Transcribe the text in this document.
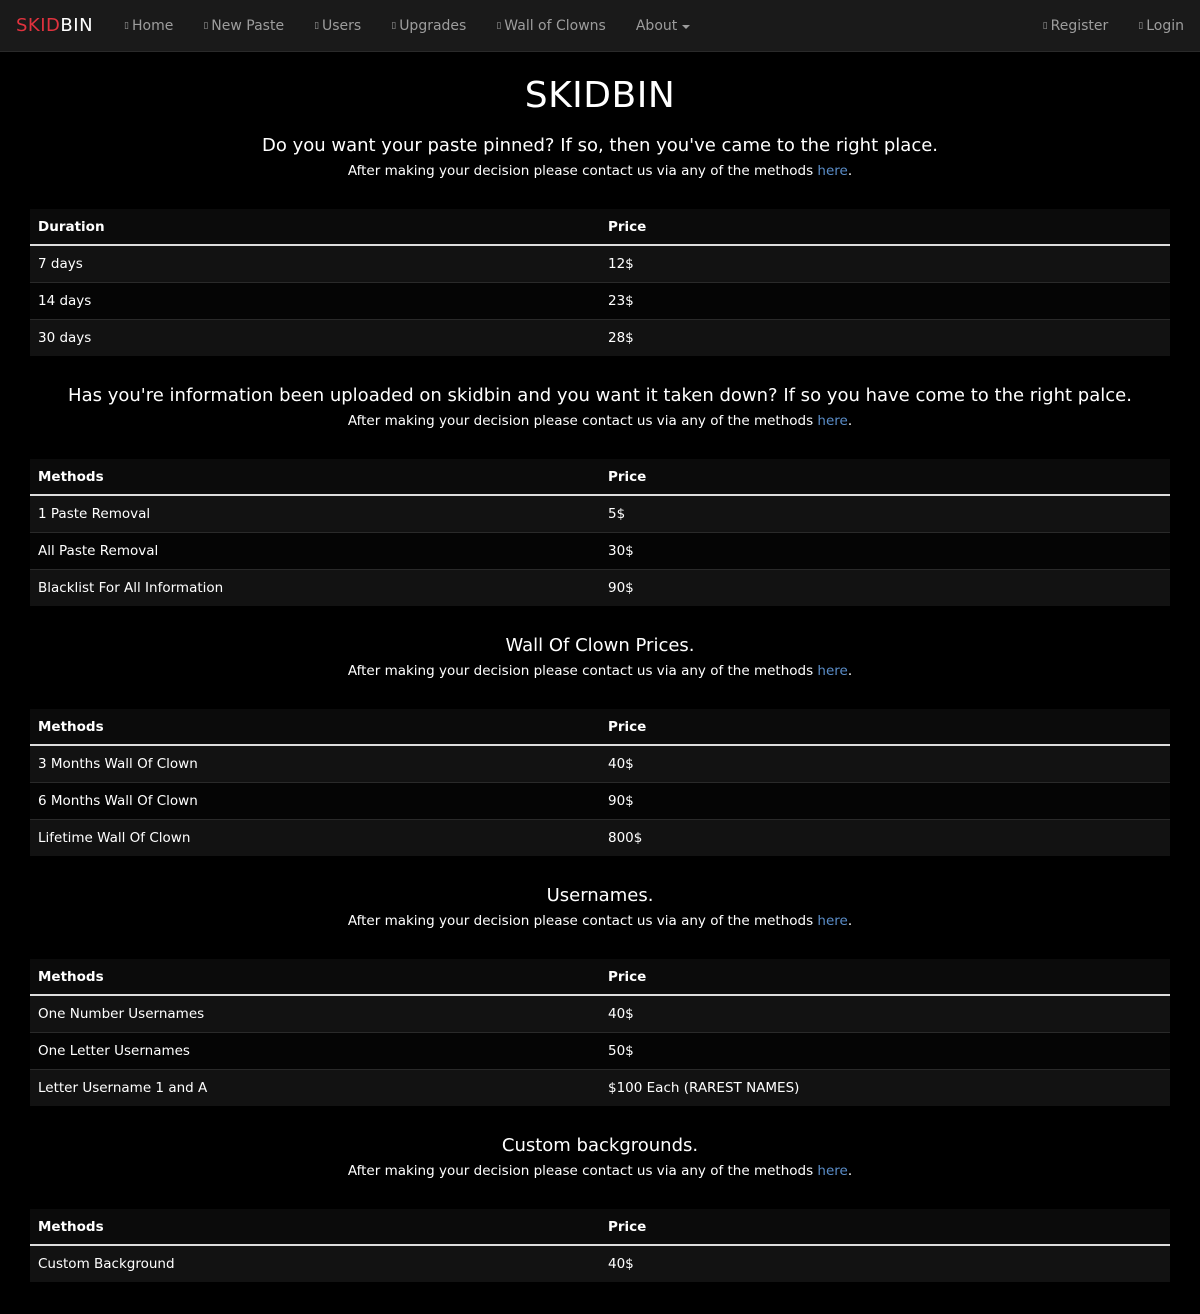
SKIDBIN	▯ Home	▯ New Paste	▯ Users	▯ Upgrades	▯ Wall of Clowns About	▯ Register	▯ Login
SKIDBIN
Do you want your paste pinned? If so, then you've came to the right place.
After making your decision please contact us via any of the methods here.
Duration	Price
7 days	12$
14 days	23$
30 days	28$
Has you're information been uploaded on skidbin and you want it taken down? If so you have come to the right palce.
After making your decision please contact us via any of the methods here.
Methods	Price
1 Paste Removal	5$
All Paste Removal	30$
Blacklist For All Information	90$
Wall Of Clown Prices.
After making your decision please contact us via any of the methods here.
Methods	Price
3 Months Wall Of Clown	40$
6 Months Wall Of Clown	90$
Lifetime Wall Of Clown	800$
Usernames.
After making your decision please contact us via any of the methods here.
Methods	Price
One Number Usernames	40$
One Letter Usernames	50$
Letter Username 1 and A	$100 Each (RAREST NAMES)
Custom backgrounds.
After making your decision please contact us via any of the methods here.
Methods	Price
Custom Background	40$
